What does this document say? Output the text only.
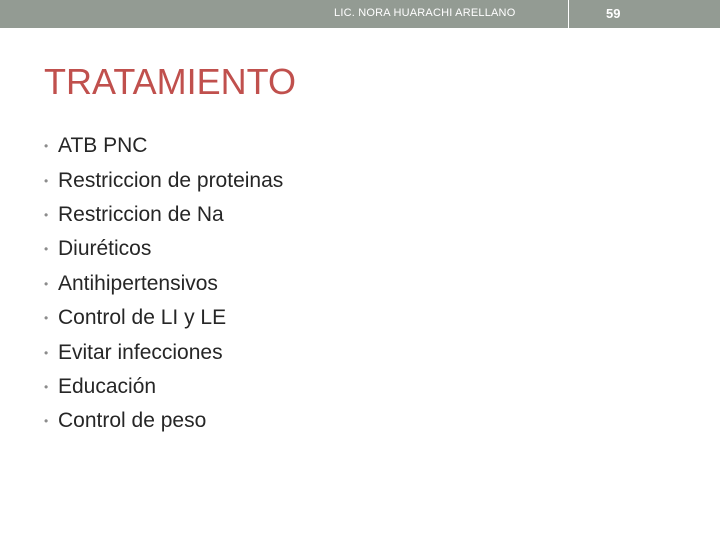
LIC. NORA HUARACHI ARELLANO	59
TRATAMIENTO
• ATB PNC
• Restriccion de proteinas
• Restriccion de Na
• Diuréticos
• Antihipertensivos
• Control de LI y LE
• Evitar infecciones
• Educación
• Control de peso
